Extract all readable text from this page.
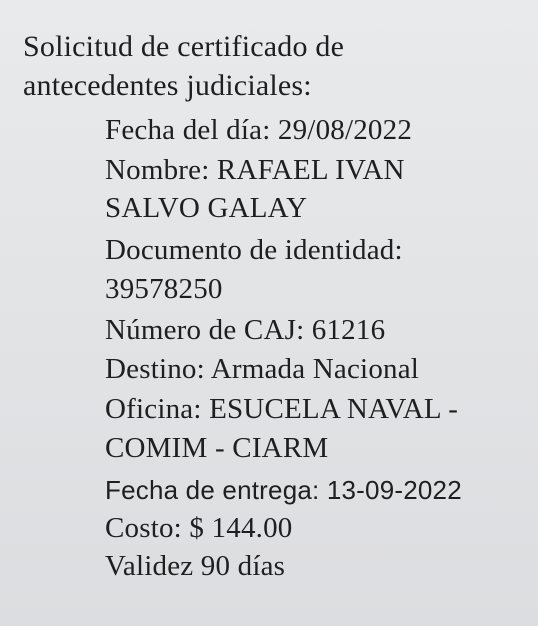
Solicitud de certificado de
antecedentes judiciales:
Fecha del día: 29/08/2022
Nombre: RAFAEL IVAN
SALVO GALAY
Documento de identidad:
39578250
Número de CAJ: 61216
Destino: Armada Nacional
Oficina: ESUCELA NAVAL -
COMIM - CIARM
Fecha de entrega: 13-09-2022
Costo: $ 144.00
Validez 90 días
